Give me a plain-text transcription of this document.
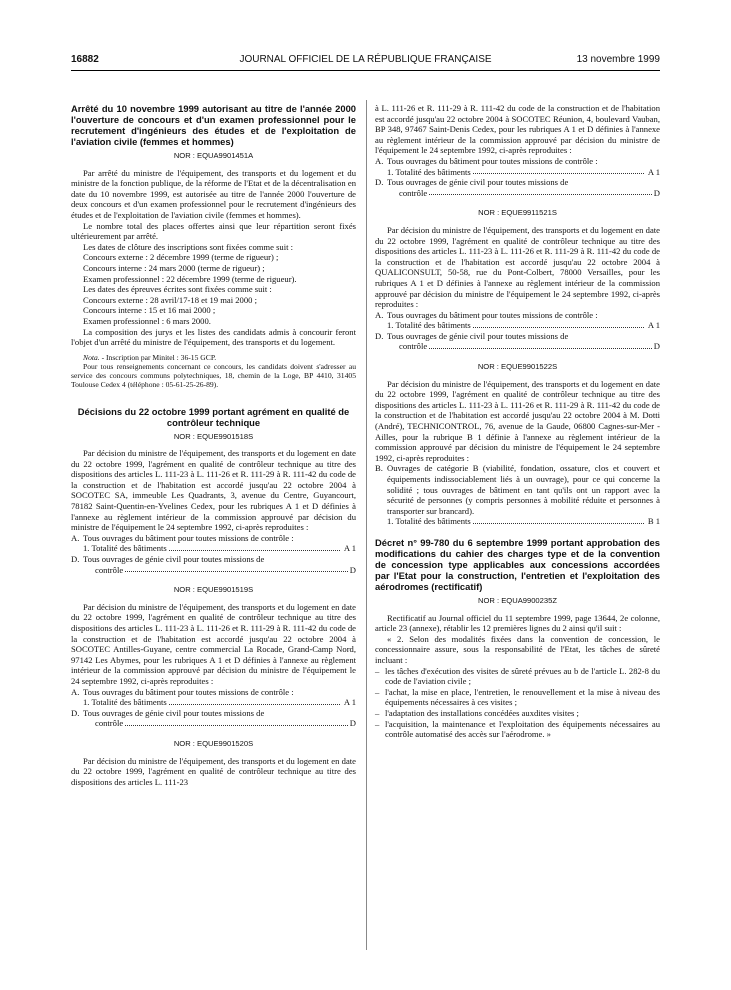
16882	JOURNAL OFFICIEL DE LA RÉPUBLIQUE FRANÇAISE	13 novembre 1999
Arrêté du 10 novembre 1999 autorisant au titre de l'année 2000 l'ouverture de concours et d'un examen professionnel pour le recrutement d'ingénieurs des études et de l'exploitation de l'aviation civile (femmes et hommes)
NOR : EQUA9901451A

Par arrêté du ministre de l'équipement, des transports et du logement et du ministre de la fonction publique, de la réforme de l'Etat et de la décentralisation en date du 10 novembre 1999, est autorisée au titre de l'année 2000 l'ouverture de deux concours et d'un examen professionnel pour le recrutement d'ingénieurs des études et de l'exploitation de l'aviation civile (femmes et hommes).

Le nombre total des places offertes ainsi que leur répartition seront fixés ultérieurement par arrêté.

Les dates de clôture des inscriptions sont fixées comme suit :

Concours externe : 2 décembre 1999 (terme de rigueur) ;

Concours interne : 24 mars 2000 (terme de rigueur) ;

Examen professionnel : 22 décembre 1999 (terme de rigueur).

Les dates des épreuves écrites sont fixées comme suit :

Concours externe : 28 avril/17-18 et 19 mai 2000 ;

Concours interne : 15 et 16 mai 2000 ;

Examen professionnel : 6 mars 2000.

La composition des jurys et les listes des candidats admis à concourir feront l'objet d'un arrêté du ministre de l'équipement, des transports et du logement.

Nota. - Inscription par Minitel : 36-15 GCP.

Pour tous renseignements concernant ce concours, les candidats doivent s'adresser au service des concours communs polytechniques, 18, chemin de la Loge, BP 4410, 31405 Toulouse Cedex 4 (téléphone : 05-61-25-26-89).

Décisions du 22 octobre 1999 portant agrément en qualité de contrôleur technique
NOR : EQUE9901518S

Par décision du ministre de l'équipement, des transports et du logement en date du 22 octobre 1999, l'agrément en qualité de contrôleur technique au titre des dispositions des articles L. 111-23 à L. 111-26 et R. 111-29 à R. 111-42 du code de la construction et de l'habitation est accordé jusqu'au 22 octobre 2004 à SOCOTEC SA, immeuble Les Quadrants, 3, avenue du Centre, Guyancourt, 78182 Saint-Quentin-en-Yvelines Cedex, pour les rubriques A 1 et D définies à l'annexe au règlement intérieur de la commission approuvé par décision du ministre de l'équipement le 24 septembre 1992, ci-après reproduites :

A. Tous ouvrages du bâtiment pour toutes missions de contrôle :
1. Totalité des bâtiments	A 1
D. Tous ouvrages de génie civil pour toutes missions de
contrôle	D
NOR : EQUE9901519S

Par décision du ministre de l'équipement, des transports et du logement en date du 22 octobre 1999, l'agrément en qualité de contrôleur technique au titre des dispositions des articles L. 111-23 à L. 111-26 et R. 111-29 à R. 111-42 du code de la construction et de l'habitation est accordé jusqu'au 22 octobre 2004 à SOCOTEC Antilles-Guyane, centre commercial La Rocade, Grand-Camp Nord, 97142 Les Abymes, pour les rubriques A 1 et D définies à l'annexe au règlement intérieur de la commission approuvé par décision du ministre de l'équipement le 24 septembre 1992, ci-après reproduites :

A. Tous ouvrages du bâtiment pour toutes missions de contrôle :
1. Totalité des bâtiments	A 1
D. Tous ouvrages de génie civil pour toutes missions de
contrôle	D
NOR : EQUE9901520S

Par décision du ministre de l'équipement, des transports et du logement en date du 22 octobre 1999, l'agrément en qualité de contrôleur technique au titre des dispositions des articles L. 111-23

à L. 111-26 et R. 111-29 à R. 111-42 du code de la construction et de l'habitation est accordé jusqu'au 22 octobre 2004 à SOCOTEC Réunion, 4, boulevard Vauban, BP 348, 97467 Saint-Denis Cedex, pour les rubriques A 1 et D définies à l'annexe au règlement intérieur de la commission approuvé par décision du ministre de l'équipement le 24 septembre 1992, ci-après reproduites :

A. Tous ouvrages du bâtiment pour toutes missions de contrôle :
1. Totalité des bâtiments	A 1
D. Tous ouvrages de génie civil pour toutes missions de
contrôle	D
NOR : EQUE9911521S

Par décision du ministre de l'équipement, des transports et du logement en date du 22 octobre 1999, l'agrément en qualité de contrôleur technique au titre des dispositions des articles L. 111-23 à L. 111-26 et R. 111-29 à R. 111-42 du code de la construction et de l'habitation est accordé jusqu'au 22 octobre 2004 à QUALICONSULT, 50-58, rue du Pont-Colbert, 78000 Versailles, pour les rubriques A 1 et D définies à l'annexe au règlement intérieur de la commission approuvé par décision du ministre de l'équipement le 24 septembre 1992, ci-après reproduites :

A. Tous ouvrages du bâtiment pour toutes missions de contrôle :
1. Totalité des bâtiments	A 1
D. Tous ouvrages de génie civil pour toutes missions de
contrôle	D
NOR : EQUE9901522S

Par décision du ministre de l'équipement, des transports et du logement en date du 22 octobre 1999, l'agrément en qualité de contrôleur technique au titre des dispositions des articles L. 111-23 à L. 111-26 et R. 111-29 à R. 111-42 du code de la construction et de l'habitation est accordé jusqu'au 22 octobre 2004 à M. Dotti (André), TECHNICONTROL, 76, avenue de la Gaude, 06800 Cagnes-sur-Mer - Ailles, pour la rubrique B 1 définie à l'annexe au règlement intérieur de la commission approuvé par décision du ministre de l'équipement le 24 septembre 1992, ci-après reproduites :

B. Ouvrages de catégorie B (viabilité, fondation, ossature, clos et couvert et équipements indissociablement liés à un ouvrage), pour ce qui concerne la solidité ; tous ouvrages de bâtiment en tant qu'ils ont un rapport avec la sécurité de personnes (y compris personnes à mobilité réduite et personnes à transporter sur brancard).
1. Totalité des bâtiments	B 1
Décret n° 99-780 du 6 septembre 1999 portant approbation des modifications du cahier des charges type et de la convention de concession type applicables aux concessions accordées par l'Etat pour la construction, l'entretien et l'exploitation des aérodromes (rectificatif)
NOR : EQUA9900235Z

Rectificatif au Journal officiel du 11 septembre 1999, page 13644, 2e colonne, article 23 (annexe), rétablir les 12 premières lignes du 2 ainsi qu'il suit :

« 2. Selon des modalités fixées dans la convention de concession, le concessionnaire assure, sous la responsabilité de l'Etat, les tâches de sûreté incluant :

– les tâches d'exécution des visites de sûreté prévues au b de l'article L. 282-8 du code de l'aviation civile ;
– l'achat, la mise en place, l'entretien, le renouvellement et la mise à niveau des équipements nécessaires à ces visites ;
– l'adaptation des installations concédées auxdites visites ;
– l'acquisition, la maintenance et l'exploitation des équipements nécessaires au contrôle automatisé des accès sur l'aérodrome. »
